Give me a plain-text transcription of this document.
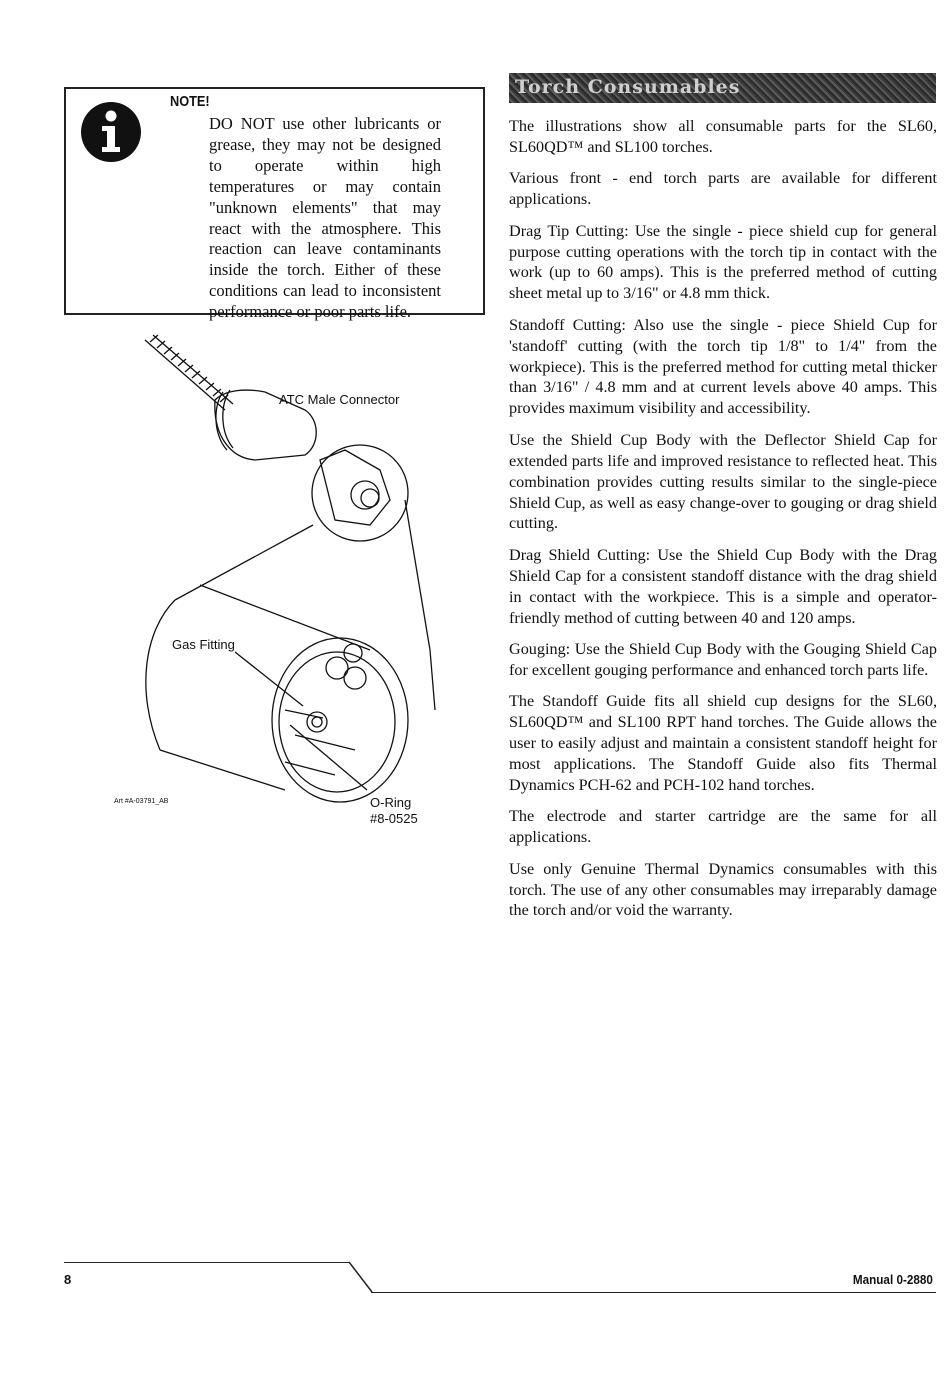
NOTE!
DO NOT use other lubricants or grease, they may not be designed to operate within high temperatures or may contain "unknown elements" that may react with the atmosphere. This reaction can leave contaminants inside the torch. Either of these conditions can lead to inconsistent performance or poor parts life.
ATC Male Connector
Gas Fitting
O-Ring
#8-0525
Art #A-03791_AB
Torch Consumables

The illustrations show all consumable parts for the SL60, SL60QD™ and SL100 torches.

Various front - end torch parts are available for different applications.

Drag Tip Cutting: Use the single - piece shield cup for general purpose cutting operations with the torch tip in contact with the work (up to 60 amps). This is the preferred method of cutting sheet metal up to 3/16" or 4.8 mm thick.

Standoff Cutting: Also use the single - piece Shield Cup for 'standoff' cutting (with the torch tip 1/8" to 1/4" from the workpiece). This is the preferred method for cutting metal thicker than 3/16" / 4.8 mm and at current levels above 40 amps. This provides maximum visibility and accessibility.

Use the Shield Cup Body with the Deflector Shield Cap for extended parts life and improved resistance to reflected heat. This combination provides cutting results similar to the single-piece Shield Cup, as well as easy change-over to gouging or drag shield cutting.

Drag Shield Cutting: Use the Shield Cup Body with the Drag Shield Cap for a consistent standoff distance with the drag shield in contact with the workpiece. This is a simple and operator-friendly method of cutting between 40 and 120 amps.

Gouging: Use the Shield Cup Body with the Gouging Shield Cap for excellent gouging performance and enhanced torch parts life.

The Standoff Guide fits all shield cup designs for the SL60, SL60QD™ and SL100 RPT hand torches. The Guide allows the user to easily adjust and maintain a consistent standoff height for most applications. The Standoff Guide also fits Thermal Dynamics PCH-62 and PCH-102 hand torches.

The electrode and starter cartridge are the same for all applications.

Use only Genuine Thermal Dynamics consumables with this torch. The use of any other consumables may irreparably damage the torch and/or void the warranty.

8	Manual 0-2880
